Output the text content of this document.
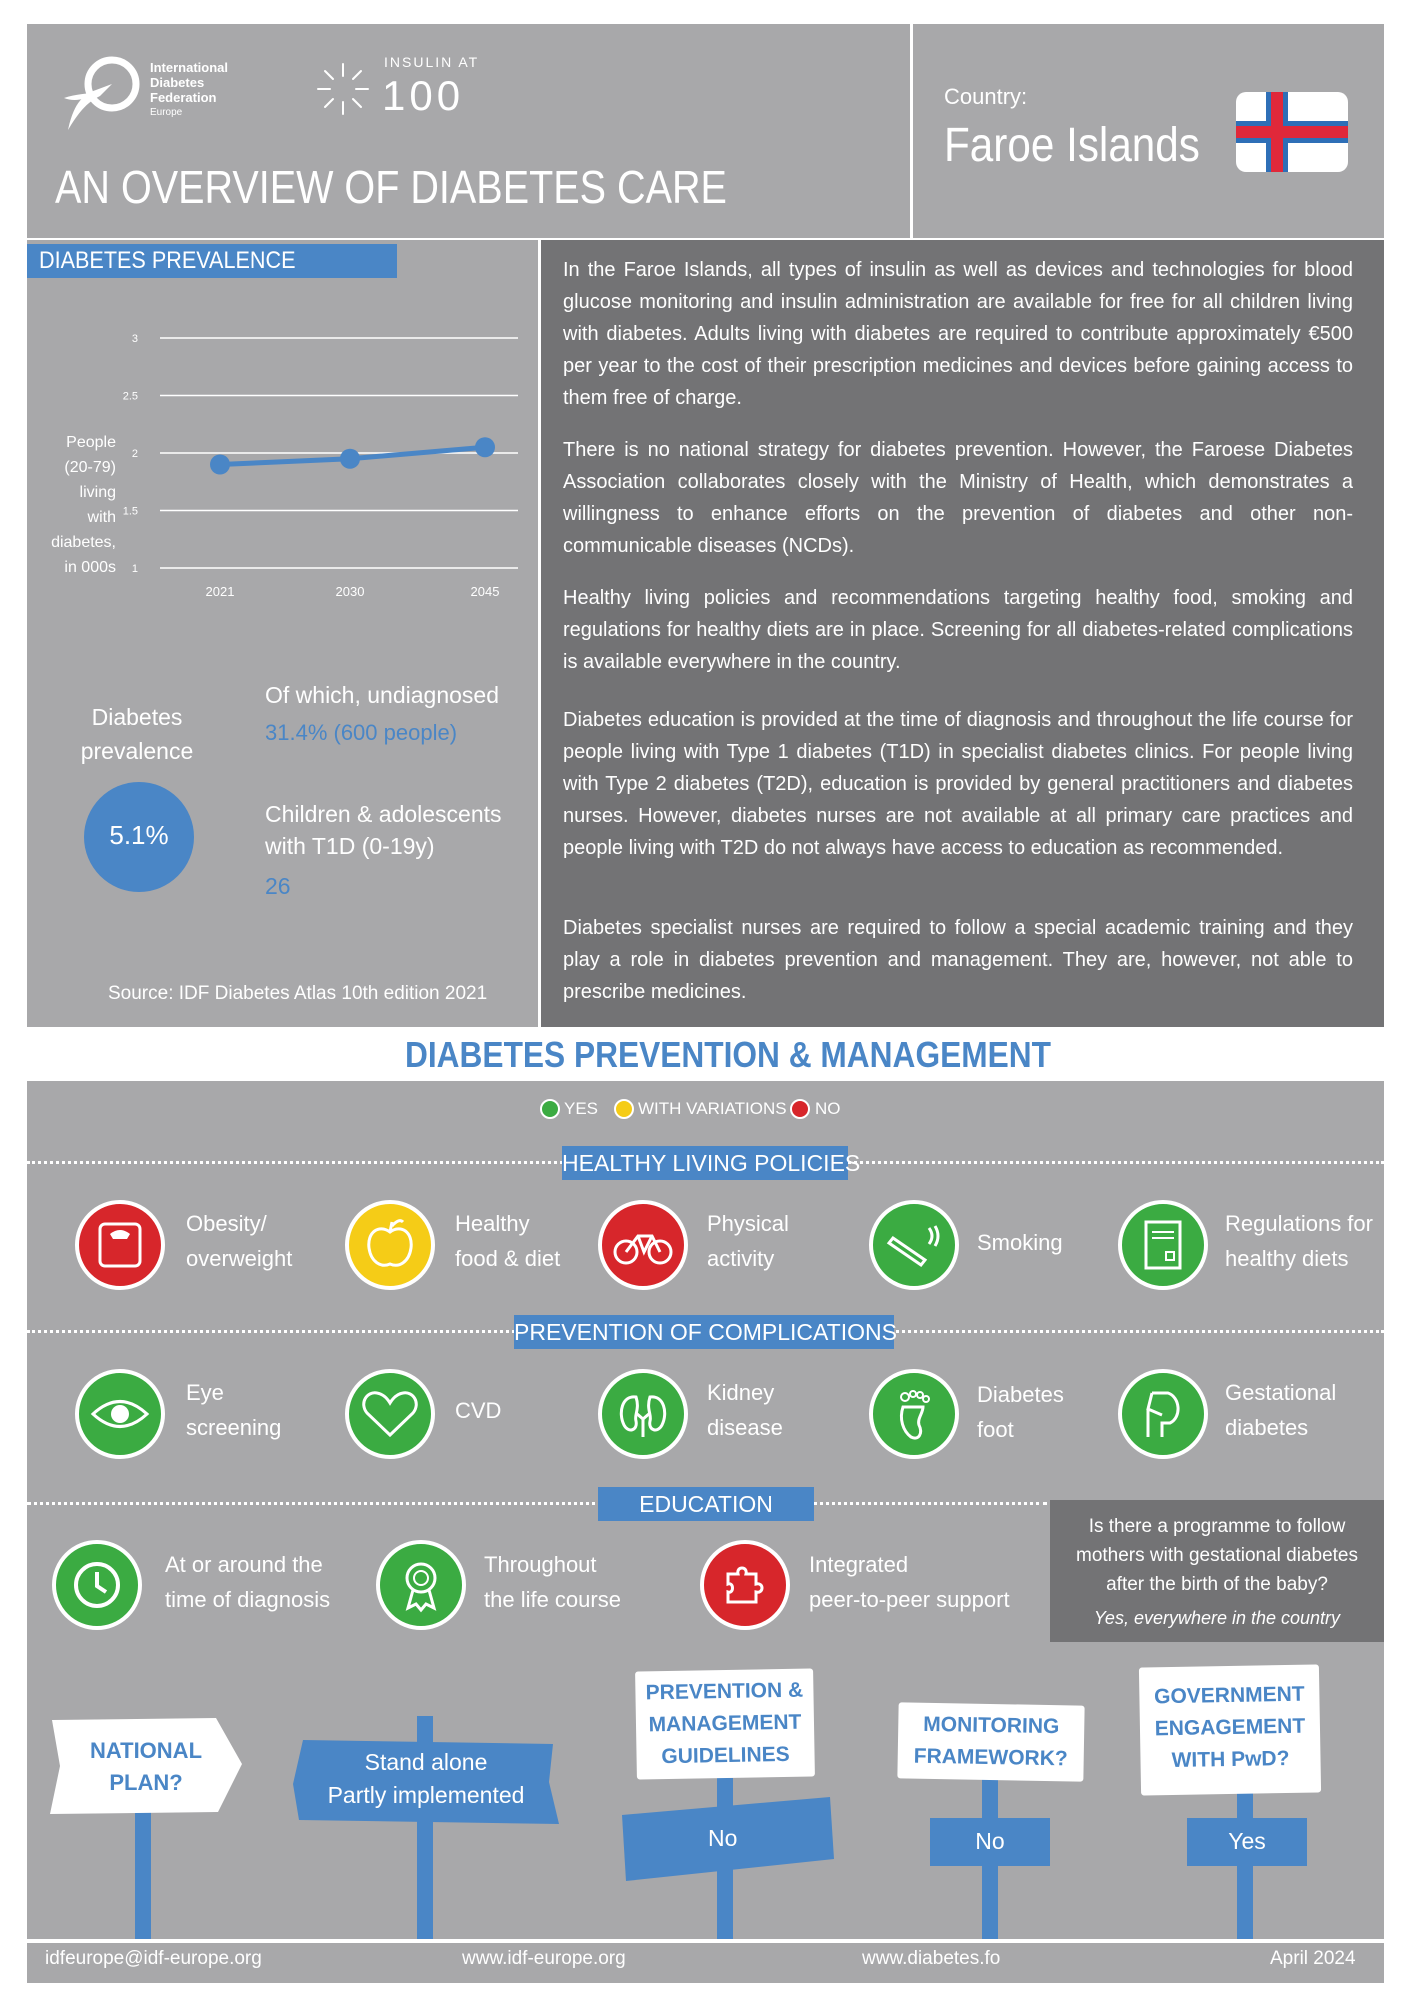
International
Diabetes
Federation
Europe
INSULIN AT
100
AN OVERVIEW OF DIABETES CARE
Country:
Faroe Islands
DIABETES PREVALENCE
3
2.5
2
1.5
1
2021	2030	2045
People
(20-79)
living
with
diabetes,
in 000s
Diabetes
prevalence
5.1%
Of which, undiagnosed
31.4% (600 people)
Children & adolescents
with T1D (0-19y)
26
Source: IDF Diabetes Atlas 10th edition 2021

In the Faroe Islands, all types of insulin as well as devices and technologies for blood glucose monitoring and insulin administration are available for free for all children living with diabetes. Adults living with diabetes are required to contribute approximately €500 per year to the cost of their prescription medicines and devices before gaining access to them free of charge.

There is no national strategy for diabetes prevention. However, the Faroese Diabetes Association collaborates closely with the Ministry of Health, which demonstrates a willingness to enhance efforts on the prevention of diabetes and other non-communicable diseases (NCDs).

Healthy living policies and recommendations targeting healthy food, smoking and regulations for healthy diets are in place. Screening for all diabetes-related complications is available everywhere in the country.

Diabetes education is provided at the time of diagnosis and throughout the life course for people living with Type 1 diabetes (T1D) in specialist diabetes clinics. For people living with Type 2 diabetes (T2D), education is provided by general practitioners and diabetes nurses. However, diabetes nurses are not available at all primary care practices and people living with T2D do not always have access to education as recommended.

Diabetes specialist nurses are required to follow a special academic training and they play a role in diabetes prevention and management. They are, however, not able to prescribe medicines.

DIABETES PREVENTION & MANAGEMENT
YES WITH VARIATIONS NO
HEALTHY LIVING POLICIES
Obesity/
overweight
Healthy
food & diet
Physical
activity
Smoking
Regulations for
healthy diets
PREVENTION OF COMPLICATIONS
Eye
screening
CVD
Kidney
disease
Diabetes
foot
Gestational
diabetes
EDUCATION
At or around the
time of diagnosis
Throughout
the life course
Integrated
peer-to-peer support
Is there a programme to follow
mothers with gestational diabetes
after the birth of the baby?
Yes, everywhere in the country
NATIONAL
PLAN?
Stand alone
Partly implemented
PREVENTION &
MANAGEMENT
GUIDELINES
No
MONITORING
FRAMEWORK?
No
GOVERNMENT
ENGAGEMENT
WITH PwD?
Yes
idfeurope@idf-europe.org	www.idf-europe.org	www.diabetes.fo	April 2024
